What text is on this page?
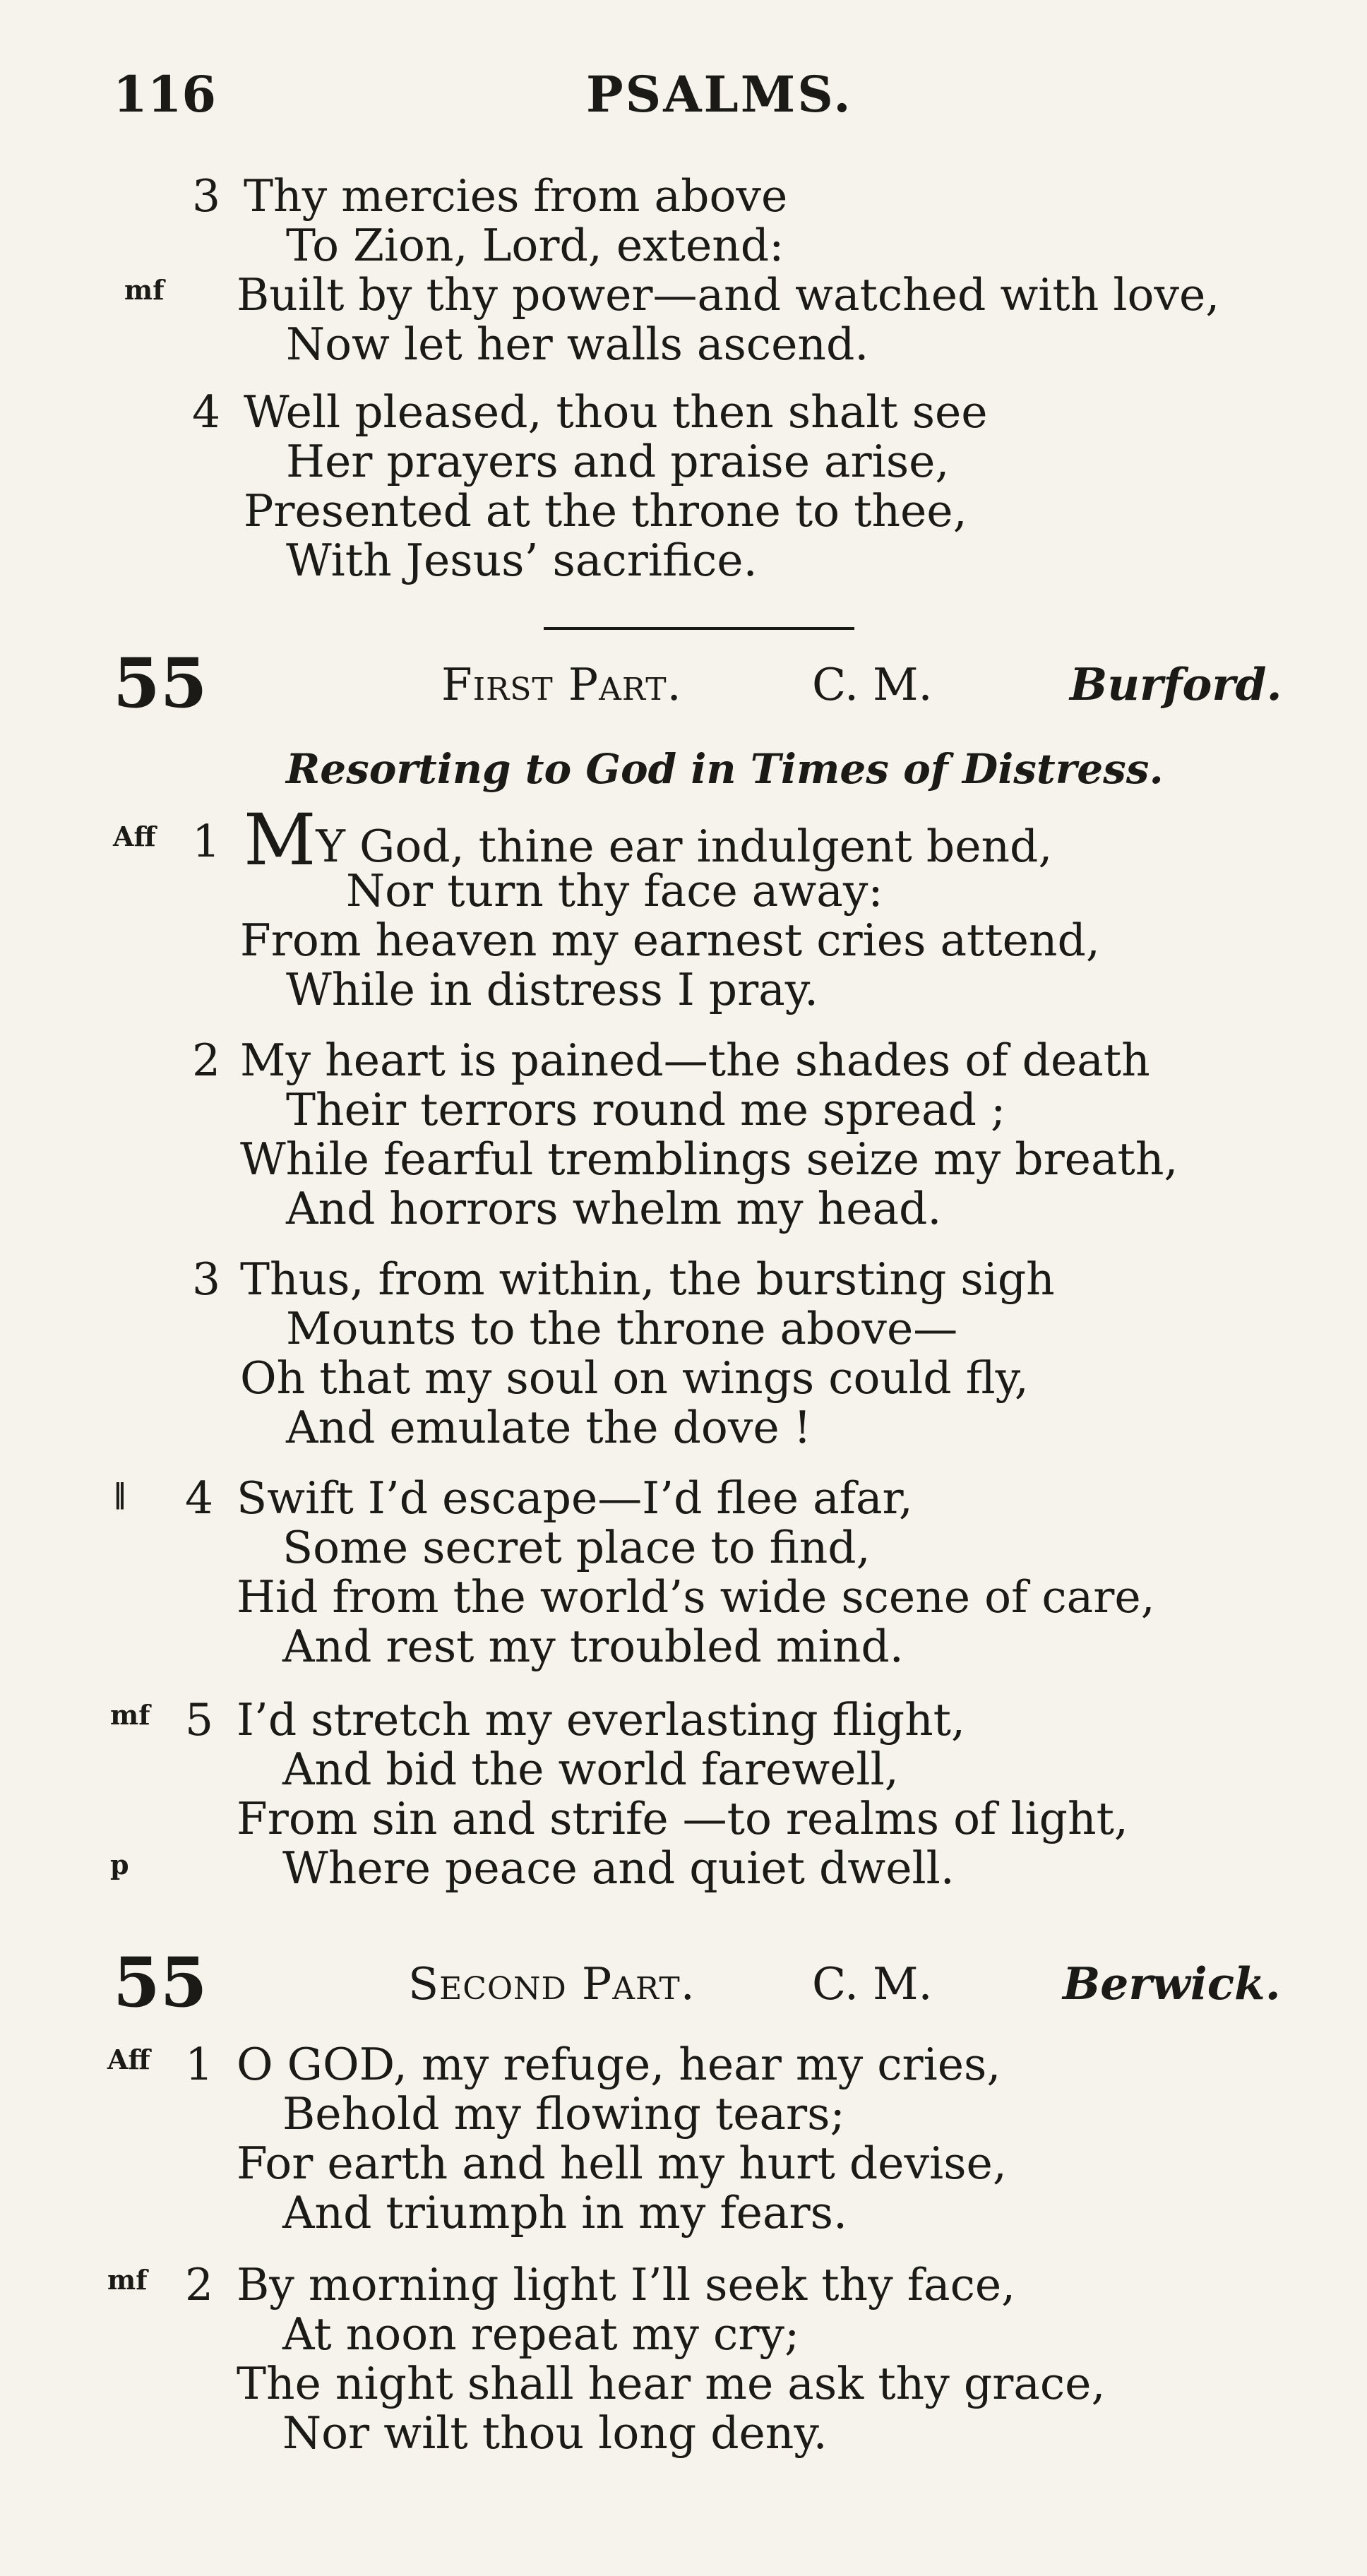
116	PSALMS.
3 Thy mercies from above
To Zion, Lord, extend:
mf Built by thy power—and watched with love,
Now let her walls ascend.
4 Well pleased, thou then shalt see
Her prayers and praise arise,
Presented at the throne to thee,
With Jesus’ sacrifice.
55	First Part.	C. M.	Burford.
Resorting to God in Times of Distress.
Aff 1 MY God, thine ear indulgent bend,
Nor turn thy face away:
From heaven my earnest cries attend,
While in distress I pray.
2 My heart is pained—the shades of death
Their terrors round me spread ;
While fearful tremblings seize my breath,
And horrors whelm my head.
3 Thus, from within, the bursting sigh
Mounts to the throne above—
Oh that my soul on wings could fly,
And emulate the dove !
‖ 4 Swift I’d escape—I’d flee afar,
Some secret place to find,
Hid from the world’s wide scene of care,
And rest my troubled mind.
mf 5 I’d stretch my everlasting flight,
And bid the world farewell,
From sin and strife —to realms of light,
p	Where peace and quiet dwell.
55	Second Part.	C. M.	Berwick.
Aff 1 O GOD, my refuge, hear my cries,
Behold my flowing tears;
For earth and hell my hurt devise,
And triumph in my fears.
mf 2 By morning light I’ll seek thy face,
At noon repeat my cry;
The night shall hear me ask thy grace,
Nor wilt thou long deny.
